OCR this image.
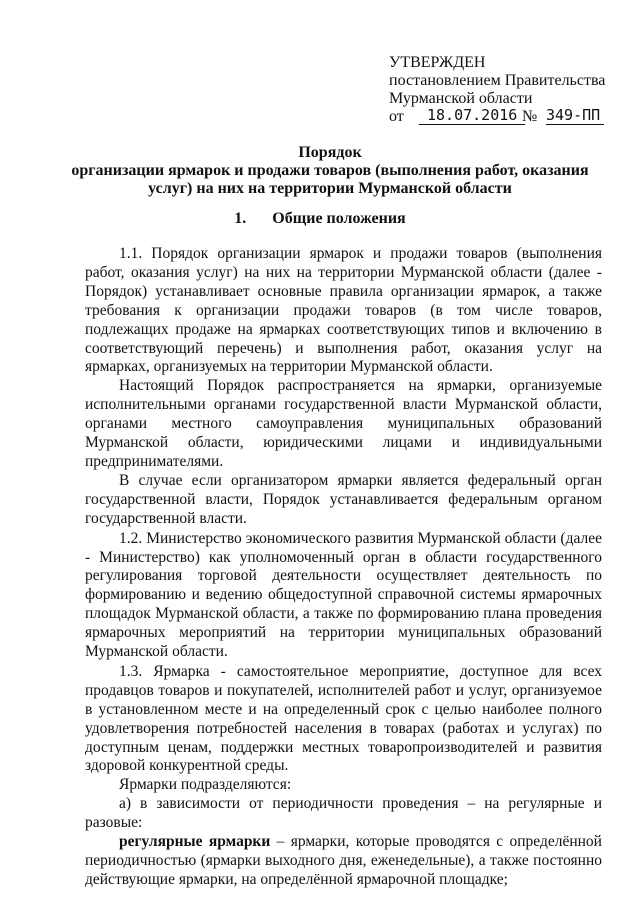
УТВЕРЖДЕН
постановлением Правительства
Мурманской области
от	18.07.2016 № 349-ПП
Порядок
организации ярмарок и продажи товаров (выполнения работ, оказания услуг) на них на территории Мурманской области
1. Общие положения

1.1. Порядок организации ярмарок и продажи товаров (выполнения работ, оказания услуг) на них на территории Мурманской области (далее - Порядок) устанавливает основные правила организации ярмарок, а также требования к организации продажи товаров (в том числе товаров, подлежащих продаже на ярмарках соответствующих типов и включению в соответствующий перечень) и выполнения работ, оказания услуг на ярмарках, организуемых на территории Мурманской области.

Настоящий Порядок распространяется на ярмарки, организуемые исполнительными органами государственной власти Мурманской области, органами местного самоуправления муниципальных образований Мурманской области, юридическими лицами и индивидуальными предпринимателями.

В случае если организатором ярмарки является федеральный орган государственной власти, Порядок устанавливается федеральным органом государственной власти.

1.2. Министерство экономического развития Мурманской области (далее - Министерство) как уполномоченный орган в области государственного регулирования торговой деятельности осуществляет деятельность по формированию и ведению общедоступной справочной системы ярмарочных площадок Мурманской области, а также по формированию плана проведения ярмарочных мероприятий на территории муниципальных образований Мурманской области.

1.3. Ярмарка - самостоятельное мероприятие, доступное для всех продавцов товаров и покупателей, исполнителей работ и услуг, организуемое в установленном месте и на определенный срок с целью наиболее полного удовлетворения потребностей населения в товарах (работах и услугах) по доступным ценам, поддержки местных товаропроизводителей и развития здоровой конкурентной среды.

Ярмарки подразделяются:

а) в зависимости от периодичности проведения – на регулярные и разовые:

регулярные ярмарки – ярмарки, которые проводятся с определённой периодичностью (ярмарки выходного дня, еженедельные), а также постоянно действующие ярмарки, на определённой ярмарочной площадке;
